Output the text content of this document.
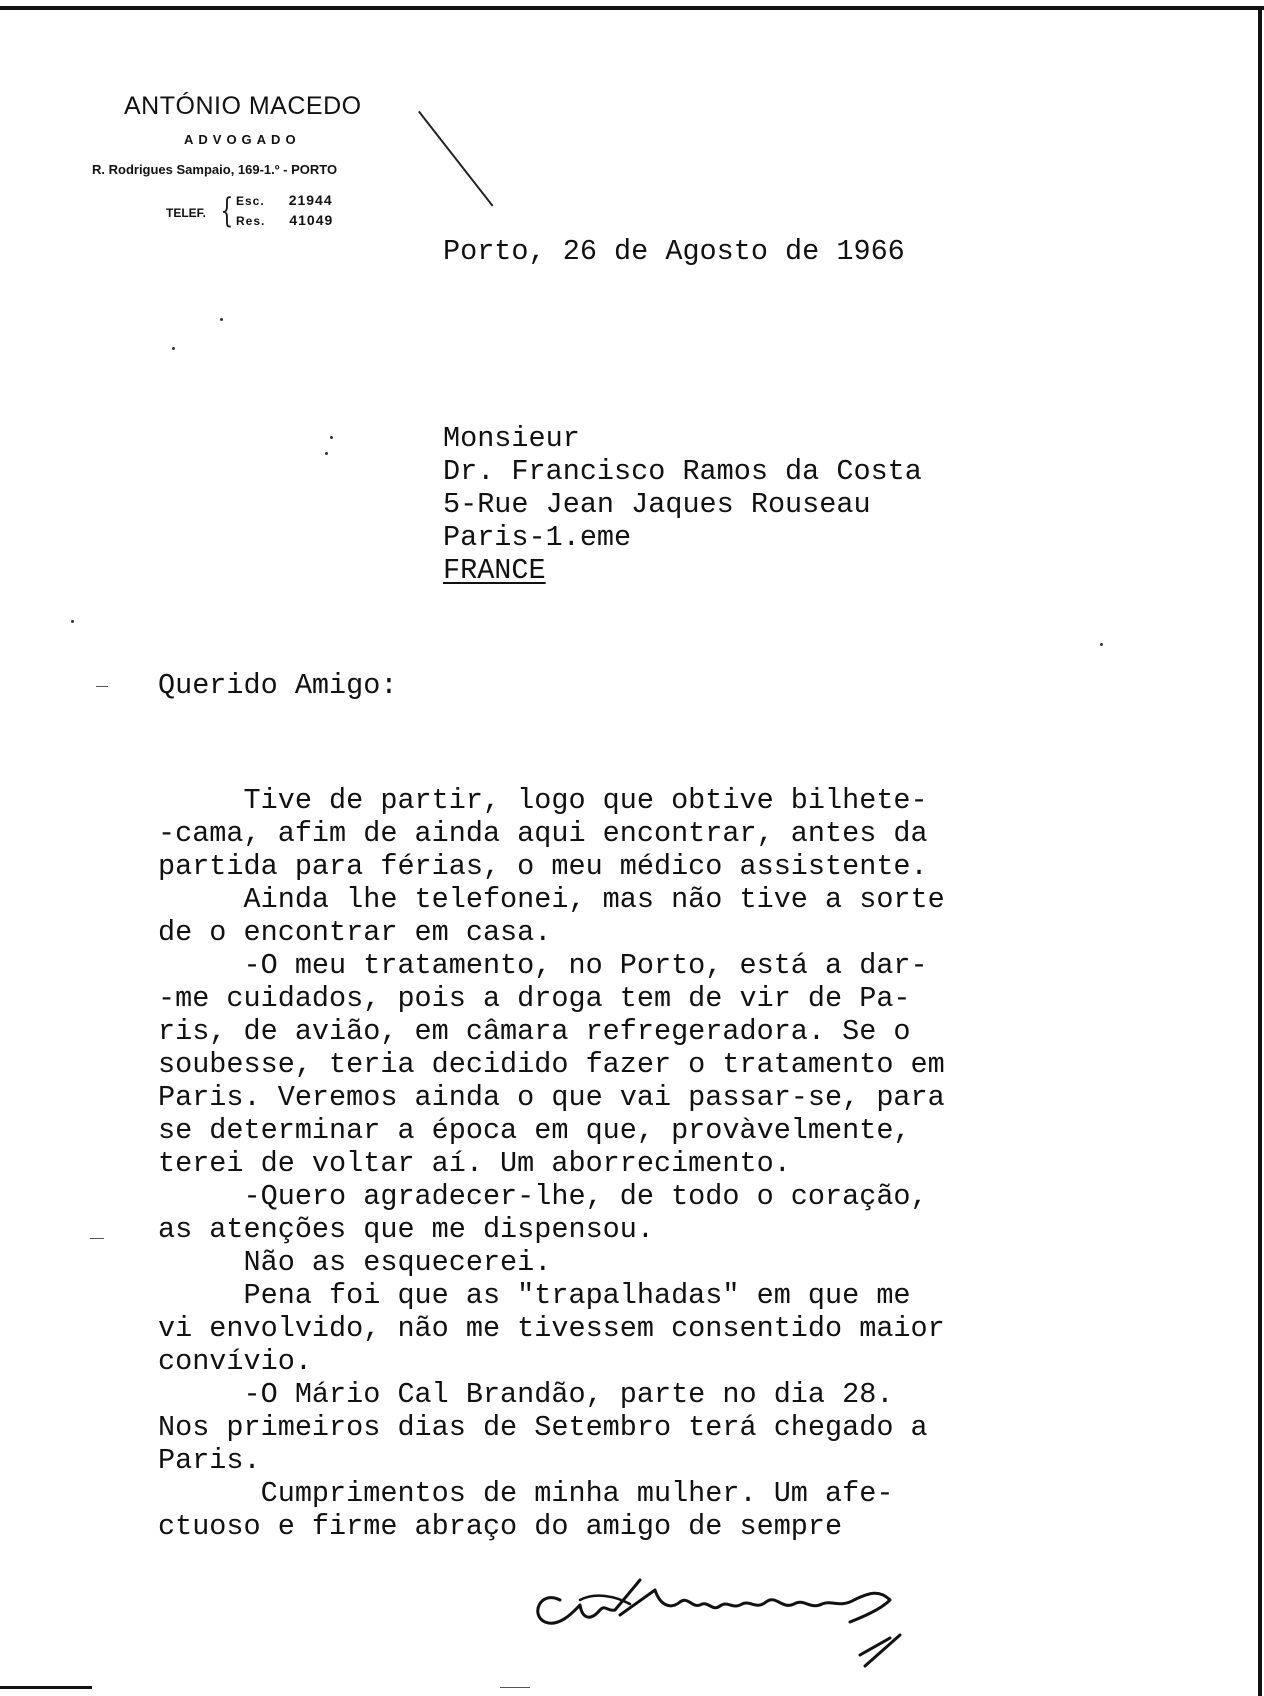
ANTÓNIO MACEDO
ADVOGADO
R. Rodrigues Sampaio, 169-1.º - PORTO
TELEF. { Esc. 21944
Res. 41049
Porto, 26 de Agosto de 1966
Monsieur
Dr. Francisco Ramos da Costa
5-Rue Jean Jaques Rouseau
Paris-1.eme
FRANCE
Querido Amigo:
Tive de partir, logo que obtive bilhete-
-cama, afim de ainda aqui encontrar, antes da
partida para férias, o meu médico assistente.
Ainda lhe telefonei, mas não tive a sorte
de o encontrar em casa.
-O meu tratamento, no Porto, está a dar-
-me cuidados, pois a droga tem de vir de Pa-
ris, de avião, em câmara refregeradora. Se o
soubesse, teria decidido fazer o tratamento em
Paris. Veremos ainda o que vai passar-se, para
se determinar a época em que, provàvelmente,
terei de voltar aí. Um aborrecimento.
-Quero agradecer-lhe, de todo o coração,
as atenções que me dispensou.
Não as esquecerei.
Pena foi que as "trapalhadas" em que me
vi envolvido, não me tivessem consentido maior
convívio.
-O Mário Cal Brandão, parte no dia 28.
Nos primeiros dias de Setembro terá chegado a
Paris.
Cumprimentos de minha mulher. Um afe-
ctuoso e firme abraço do amigo de sempre
